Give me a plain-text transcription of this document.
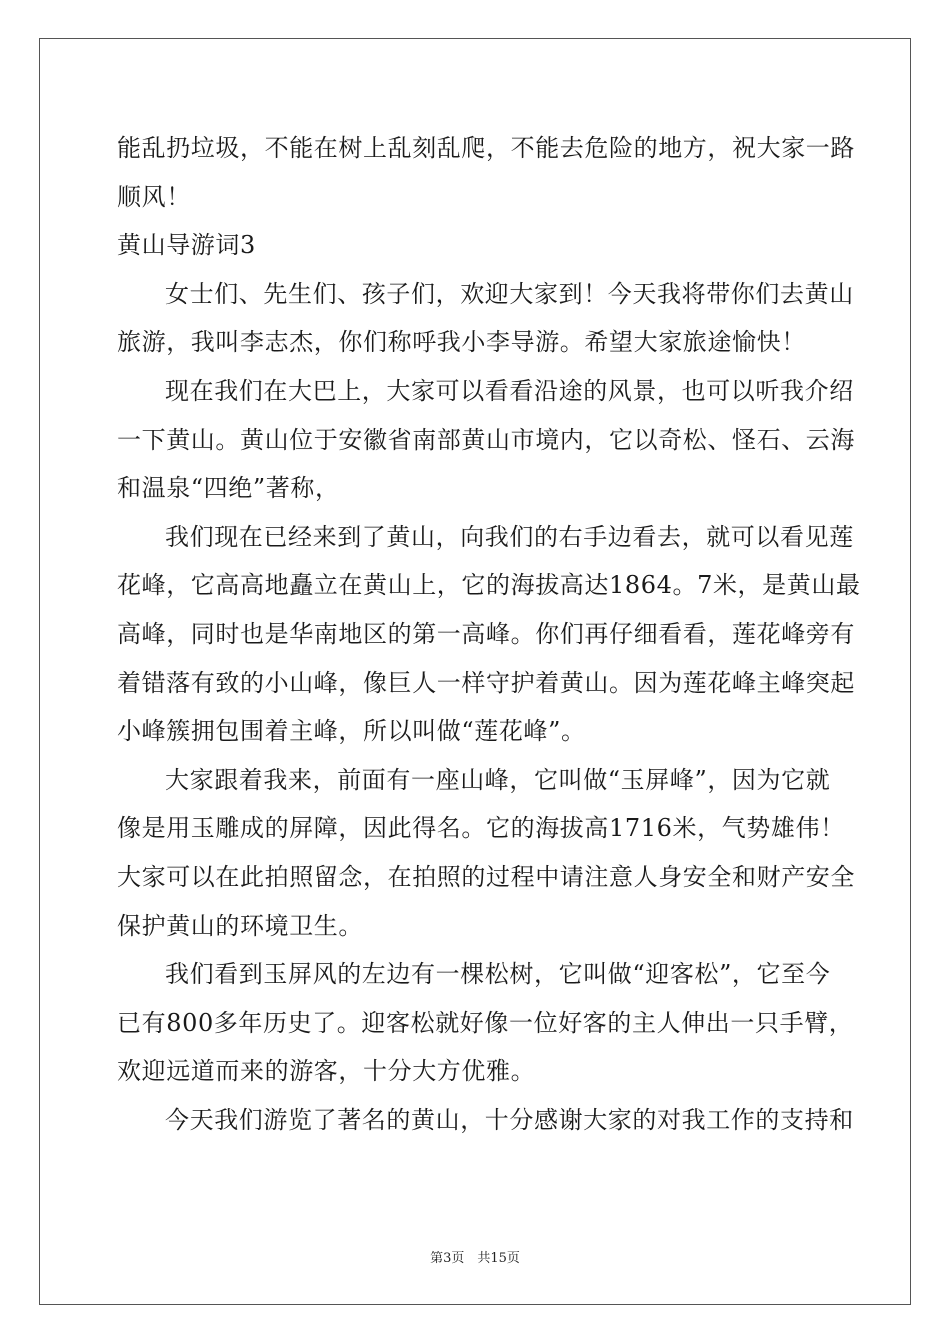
能乱扔垃圾，不能在树上乱刻乱爬，不能去危险的地方，祝大家一路
顺风！
黄山导游词3
女士们、先生们、孩子们，欢迎大家到！今天我将带你们去黄山
旅游，我叫李志杰，你们称呼我小李导游。希望大家旅途愉快！
现在我们在大巴上，大家可以看看沿途的风景，也可以听我介绍
一下黄山。黄山位于安徽省南部黄山市境内，它以奇松、怪石、云海
和温泉“四绝”著称，
我们现在已经来到了黄山，向我们的右手边看去，就可以看见莲
花峰，它高高地矗立在黄山上，它的海拔高达1864。7米，是黄山最
高峰，同时也是华南地区的第一高峰。你们再仔细看看，莲花峰旁有
着错落有致的小山峰，像巨人一样守护着黄山。因为莲花峰主峰突起
小峰簇拥包围着主峰，所以叫做“莲花峰”。
大家跟着我来，前面有一座山峰，它叫做“玉屏峰”，因为它就
像是用玉雕成的屏障，因此得名。它的海拔高1716米，气势雄伟！
大家可以在此拍照留念，在拍照的过程中请注意人身安全和财产安全
保护黄山的环境卫生。
我们看到玉屏风的左边有一棵松树，它叫做“迎客松”，它至今
已有800多年历史了。迎客松就好像一位好客的主人伸出一只手臂，
欢迎远道而来的游客，十分大方优雅。
今天我们游览了著名的黄山，十分感谢大家的对我工作的支持和
第3页　共15页
